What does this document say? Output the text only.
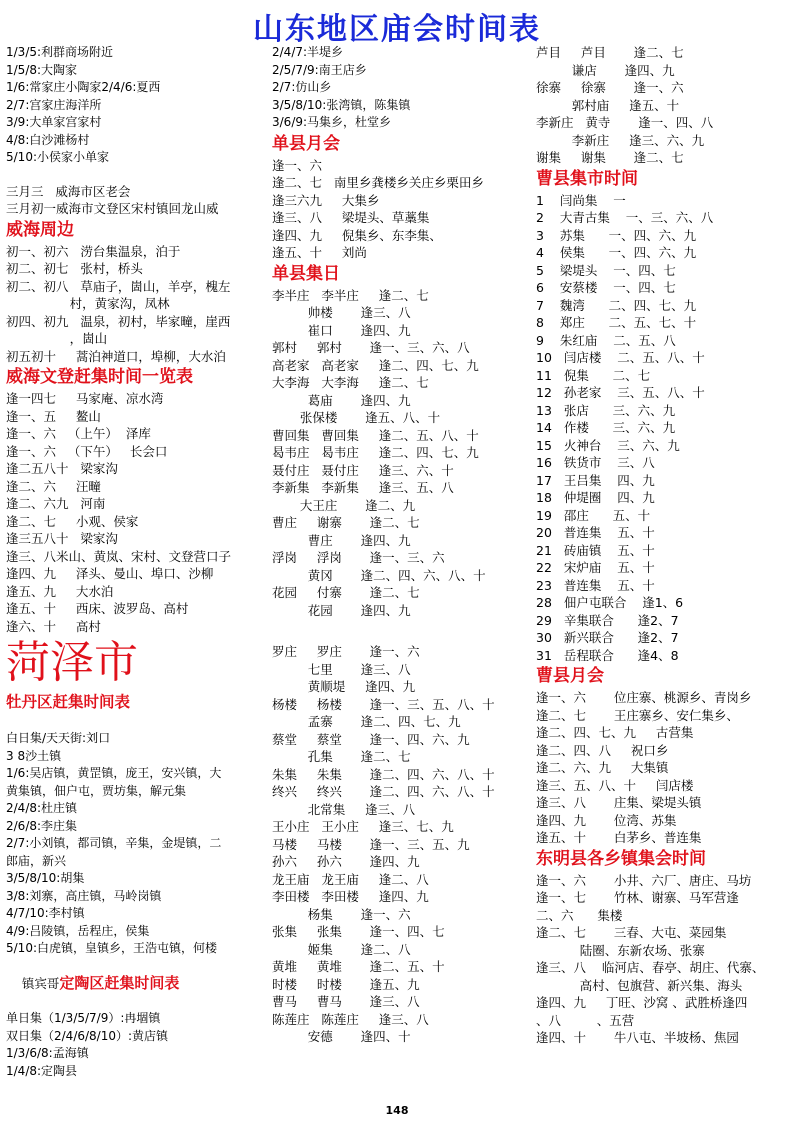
山东地区庙会时间表
1/3/5:利群商场附近
1/5/8:大陶家
1/6:常家庄小陶家2/4/6:夏西
2/7:宫家庄海洋所
3/9:大单家宫家村
4/8:白沙滩杨村
5/10:小侯家小单家
三月三   威海市区老会
三月初一威海市文登区宋村镇回龙山威
威海周边
初一、初六   涝台集温泉，泊于
初二、初七   张村，桥头
初二、初八   草庙子，崮山，羊亭，槐左
村，黄家沟，凤林
初四、初九   温泉，初村，毕家疃，崖西
，崮山
初五初十     蒿泊神道口，埠柳，大水泊
威海文登赶集时间一览表
逢一四七     马家庵、凉水湾
逢一、五     鳌山
逢一、六   （上午）  泽库
逢一、六   （下午）   长会口
逢二五八十   梁家沟
逢二、六     汪疃
逢二、六九   河南
逢二、七     小观、侯家
逢三五八十   梁家沟
逢三、八米山、黄岚、宋村、文登营口子
逢四、九     泽头、曼山、埠口、沙柳
逢五、九     大水泊
逢五、十     西床、波罗岛、高村
逢六、十     高村
菏泽市
牡丹区赶集时间表
白日集/天天街:刘口
3 8沙土镇
1/6:吴店镇，黄罡镇，庞王，安兴镇，大
黄集镇，佃户屯，贾坊集，解元集
2/4/8:杜庄镇
2/6/8:李庄集
2/7:小刘镇，都司镇，辛集，金堤镇，二
郎庙，新兴
3/5/8/10:胡集
3/8:刘寨，高庄镇，马岭岗镇
4/7/10:李村镇
4/9:吕陵镇，岳程庄，侯集
5/10:白虎镇，皇镇乡，王浩屯镇，何楼

镇宾哥定陶区赶集时间表

单日集（1/3/5/7/9）:冉堌镇
双日集（2/4/6/8/10）:黄店镇
1/3/6/8:孟海镇
1/4/8:定陶县
2/4/7:半堤乡
2/5/7/9:南王店乡
2/7:仿山乡
3/5/8/10:张湾镇，陈集镇
3/6/9:马集乡，杜堂乡
单县月会
逢一、六
逢二、七   南里乡龚楼乡关庄乡栗田乡
逢三六九     大集乡
逢三、八     梁堤头、草藁集
逢四、九     倪集乡、东李集、
逢五、十     刘尚
单县集日
李半庄   李半庄     逢二、七
帅楼       逢三、八
崔口       逢四、九
郭村     郭村       逢一、三、六、八
高老家   高老家     逢二、四、七、九
大李海   大李海     逢二、七
葛庙       逢四、九
张保楼       逢五、八、十
曹回集   曹回集     逢二、五、八、十
曷韦庄   曷韦庄     逢二、四、七、九
聂付庄   聂付庄     逢三、六、十
李新集   李新集     逢三、五、八
大王庄       逢二、九
曹庄     谢寨       逢二、七
曹庄       逢四、九
浮岗     浮岗       逢一、三、六
黄冈       逢二、四、六、八、十
花园     付寨       逢二、七
花园       逢四、九
罗庄     罗庄       逢一、六
七里       逢三、八
黄顺堤     逢四、九
杨楼     杨楼       逢一、三、五、八、十
孟寨       逢二、四、七、九
蔡堂     蔡堂       逢一、四、六、九
孔集       逢二、七
朱集     朱集       逢二、四、六、八、十
终兴     终兴       逢二、四、六、八、十
北常集     逢三、八
王小庄   王小庄     逢三、七、九
马楼     马楼       逢一、三、五、九
孙六     孙六       逢四、九
龙王庙   龙王庙     逢二、八
李田楼   李田楼     逢四、九
杨集       逢一、六
张集     张集       逢一、四、七
姬集       逢二、八
黄堆     黄堆       逢二、五、十
时楼     时楼       逢五、九
曹马     曹马       逢三、八
陈莲庄   陈莲庄     逢三、八
安德       逢四、十
芦目     芦目       逢二、七
谦店       逢四、九
徐寨     徐寨       逢一、六
郭村庙     逢五、十
李新庄   黄寺       逢一、四、八
李新庄     逢三、六、九
谢集     谢集       逢二、七
曹县集市时间
1    闫尚集    一
2    大青古集    一、三、六、八
3    苏集      一、四、六、九
4    侯集      一、四、六、九
5    梁堤头    一、四、七
6    安蔡楼    一、四、七
7    魏湾      二、四、七、九
8    郑庄      二、五、七、十
9    朱红庙    二、五、八
10   闫店楼    二、五、八、十
11   倪集      二、七
12   孙老家    三、五、八、十
13   张店      三、六、九
14   作楼      三、六、九
15   火神台    三、六、九
16   铁货市    三、八
17   王吕集    四、九
18   仲堤圈    四、九
19   邵庄      五、十
20   普连集    五、十
21   砖庙镇    五、十
22   宋炉庙    五、十
23   普连集    五、十
28   佃户屯联合    逢1、6
29   辛集联合      逢2、7
30   新兴联合      逢2、7
31   岳程联合      逢4、8
曹县月会
逢一、六       位庄寨、桃源乡、青岗乡
逢二、七       王庄寨乡、安仁集乡、
逢二、四、七、九     古营集
逢二、四、八     祝口乡
逢二、六、九     大集镇
逢三、五、八、十     闫店楼
逢三、八       庄集、梁堤头镇
逢四、九       位湾、苏集
逢五、十       白茅乡、普连集
东明县各乡镇集会时间
逢一、六       小井、六厂、唐庄、马坊
逢一、七       竹林、谢寨、马军营逢
二、六      集楼
逢二、七       三春、大屯、菜园集
陆圈、东新农场、张寨
逢三、八    临河店、春亭、胡庄、代寨、
高村、包旗营、新兴集、海头
逢四、九     丁旺、沙窝 、武胜桥逢四
、八         、五营
逢四、十       牛八屯、半坡杨、焦园
148
